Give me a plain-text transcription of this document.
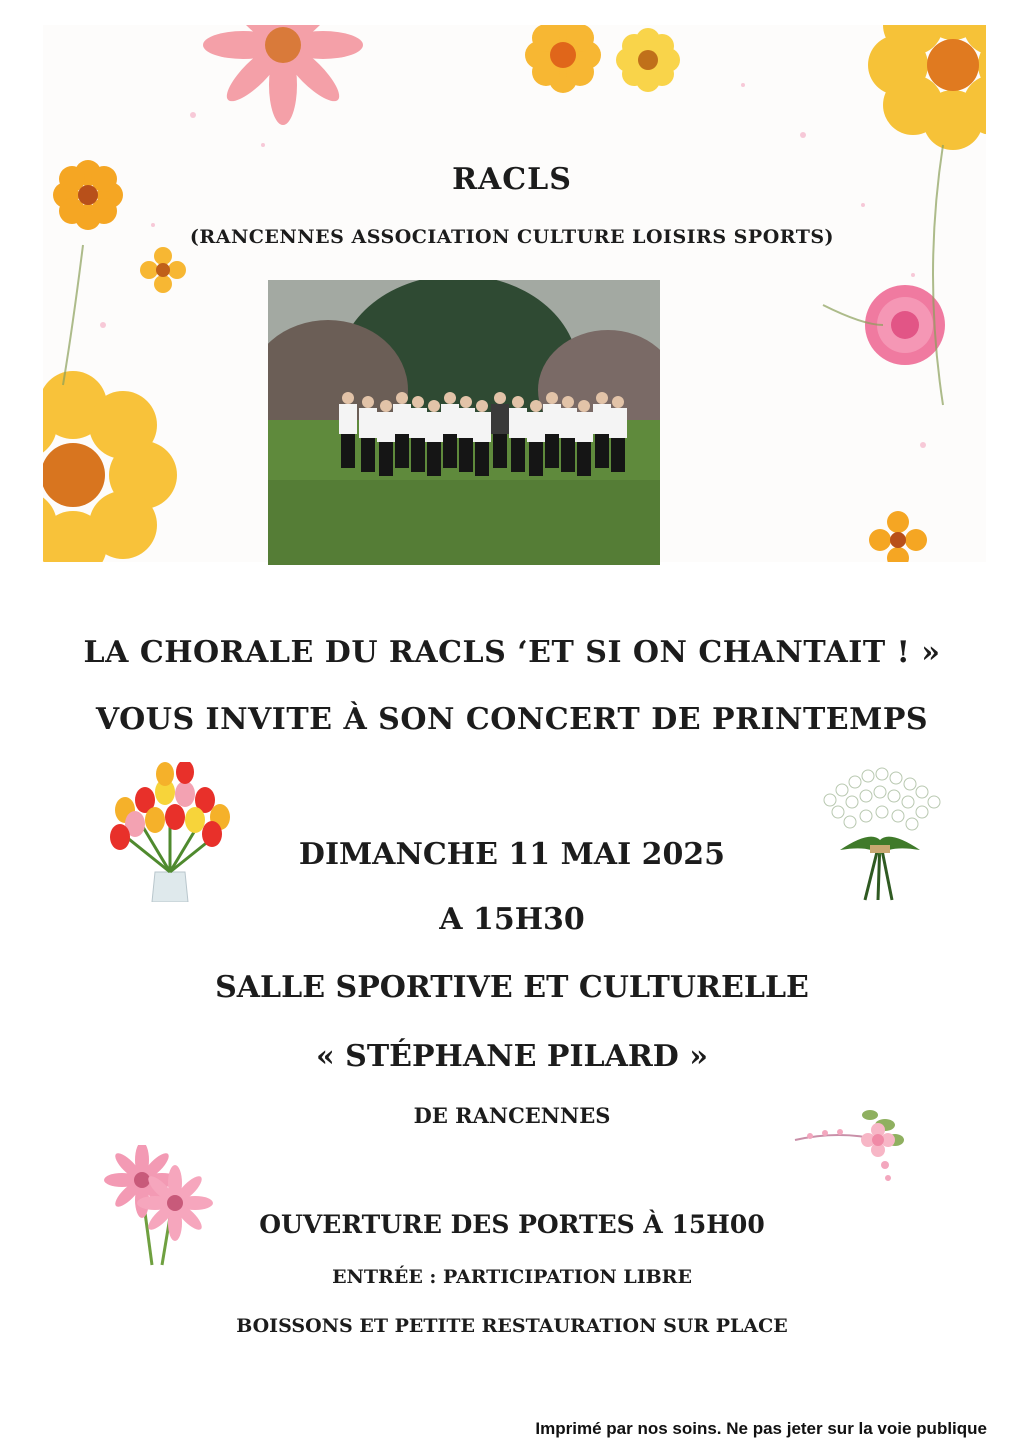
RACLS
(RANCENNES ASSOCIATION CULTURE LOISIRS SPORTS)
LA CHORALE DU RACLS ‘ET SI ON CHANTAIT ! »
VOUS INVITE À SON CONCERT DE PRINTEMPS
DIMANCHE 11 MAI 2025
A 15H30
SALLE SPORTIVE ET CULTURELLE
« STÉPHANE PILARD »
DE RANCENNES
OUVERTURE DES PORTES À 15H00
ENTRÉE : PARTICIPATION LIBRE
BOISSONS ET PETITE RESTAURATION SUR PLACE
Imprimé par nos soins. Ne pas jeter sur la voie publique
